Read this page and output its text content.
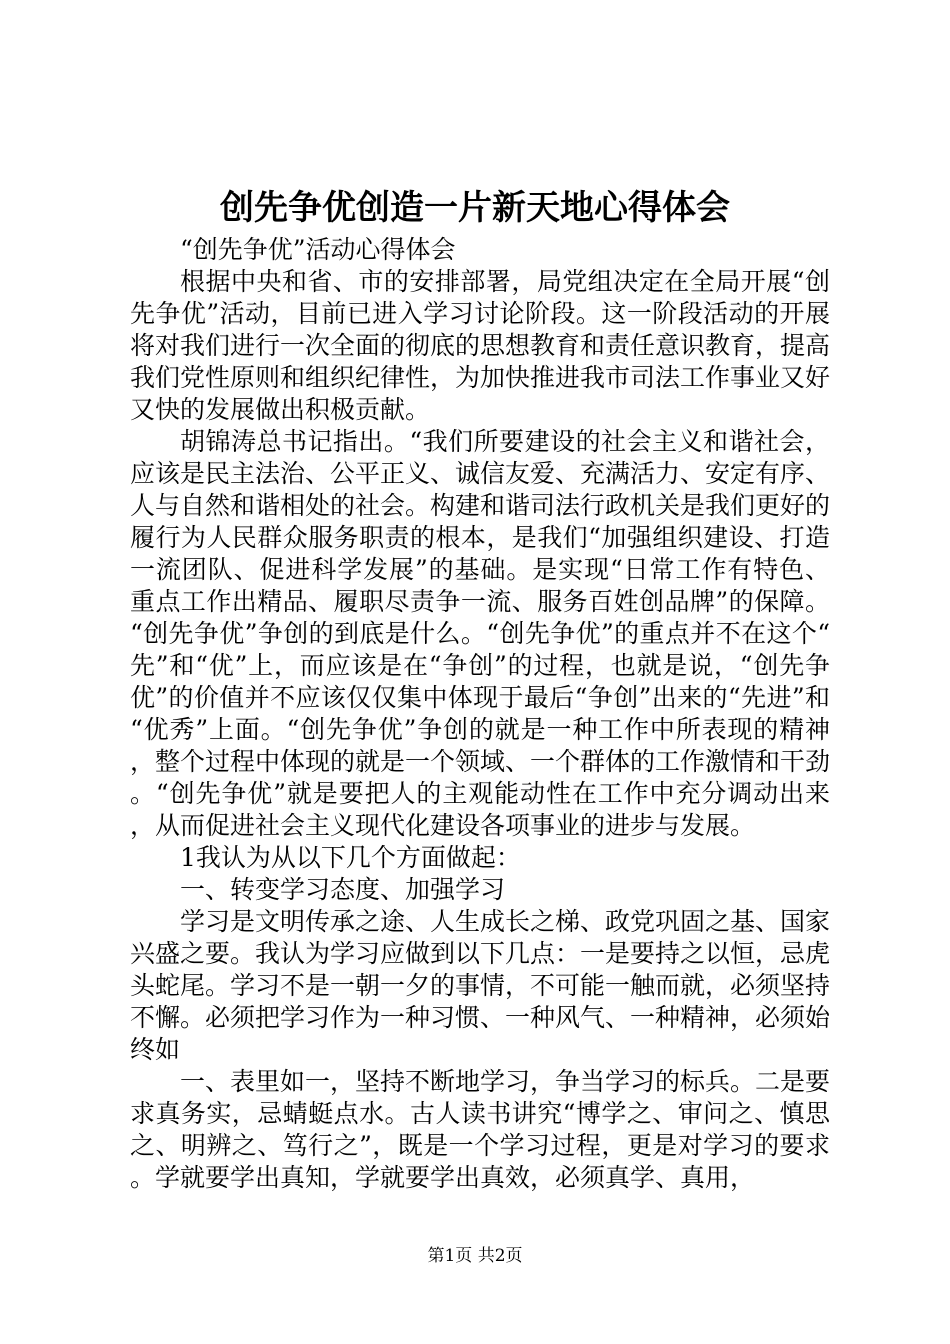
创先争优创造一片新天地心得体会

“创先争优”活动心得体会

根据中央和省、市的安排部署，局党组决定在全局开展“创先争优”活动，目前已进入学习讨论阶段。这一阶段活动的开展将对我们进行一次全面的彻底的思想教育和责任意识教育，提高我们党性原则和组织纪律性，为加快推进我市司法工作事业又好又快的发展做出积极贡献。

胡锦涛总书记指出。“我们所要建设的社会主义和谐社会，应该是民主法治、公平正义、诚信友爱、充满活力、安定有序、人与自然和谐相处的社会。构建和谐司法行政机关是我们更好的履行为人民群众服务职责的根本，是我们“加强组织建设、打造一流团队、促进科学发展”的基础。是实现“日常工作有特色、重点工作出精品、履职尽责争一流、服务百姓创品牌”的保障。“创先争优”争创的到底是什么。“创先争优”的重点并不在这个“先”和“优”上，而应该是在“争创”的过程，也就是说，“创先争优”的价值并不应该仅仅集中体现于最后“争创”出来的“先进”和“优秀”上面。“创先争优”争创的就是一种工作中所表现的精神，整个过程中体现的就是一个领域、一个群体的工作激情和干劲。“创先争优”就是要把人的主观能动性在工作中充分调动出来，从而促进社会主义现代化建设各项事业的进步与发展。

1我认为从以下几个方面做起：

一、转变学习态度、加强学习

学习是文明传承之途、人生成长之梯、政党巩固之基、国家兴盛之要。我认为学习应做到以下几点：一是要持之以恒，忌虎头蛇尾。学习不是一朝一夕的事情，不可能一触而就，必须坚持不懈。必须把学习作为一种习惯、一种风气、一种精神，必须始终如

一、表里如一，坚持不断地学习，争当学习的标兵。二是要求真务实，忌蜻蜓点水。古人读书讲究“博学之、审问之、慎思之、明辨之、笃行之”，既是一个学习过程，更是对学习的要求。学就要学出真知，学就要学出真效，必须真学、真用，

第1页 共2页
